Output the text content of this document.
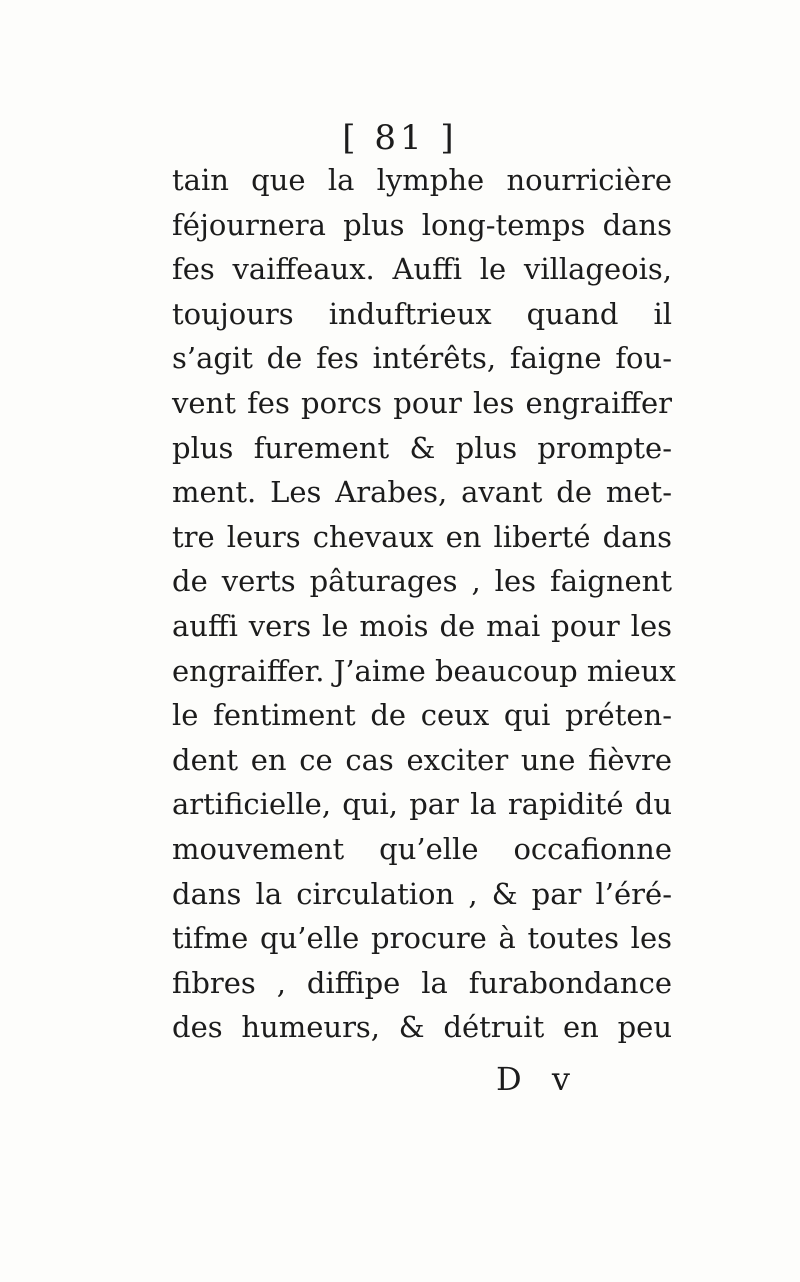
[ 81 ]
tain que la lymphe nourricière
féjournera plus long-temps dans
fes vaiffeaux. Auffi le villageois,
toujours induftrieux quand il
s’agit de fes intérêts, faigne fou-
vent fes porcs pour les engraiffer
plus furement & plus prompte-
ment. Les Arabes, avant de met-
tre leurs chevaux en liberté dans
de verts pâturages , les faignent
auffi vers le mois de mai pour les
engraiffer. J’aime beaucoup mieux
le fentiment de ceux qui préten-
dent en ce cas exciter une fièvre
artificielle, qui, par la rapidité du
mouvement qu’elle occafionne
dans la circulation , & par l’éré-
tifme qu’elle procure à toutes les
fibres , diffipe la furabondance
des humeurs, & détruit en peu
D v
